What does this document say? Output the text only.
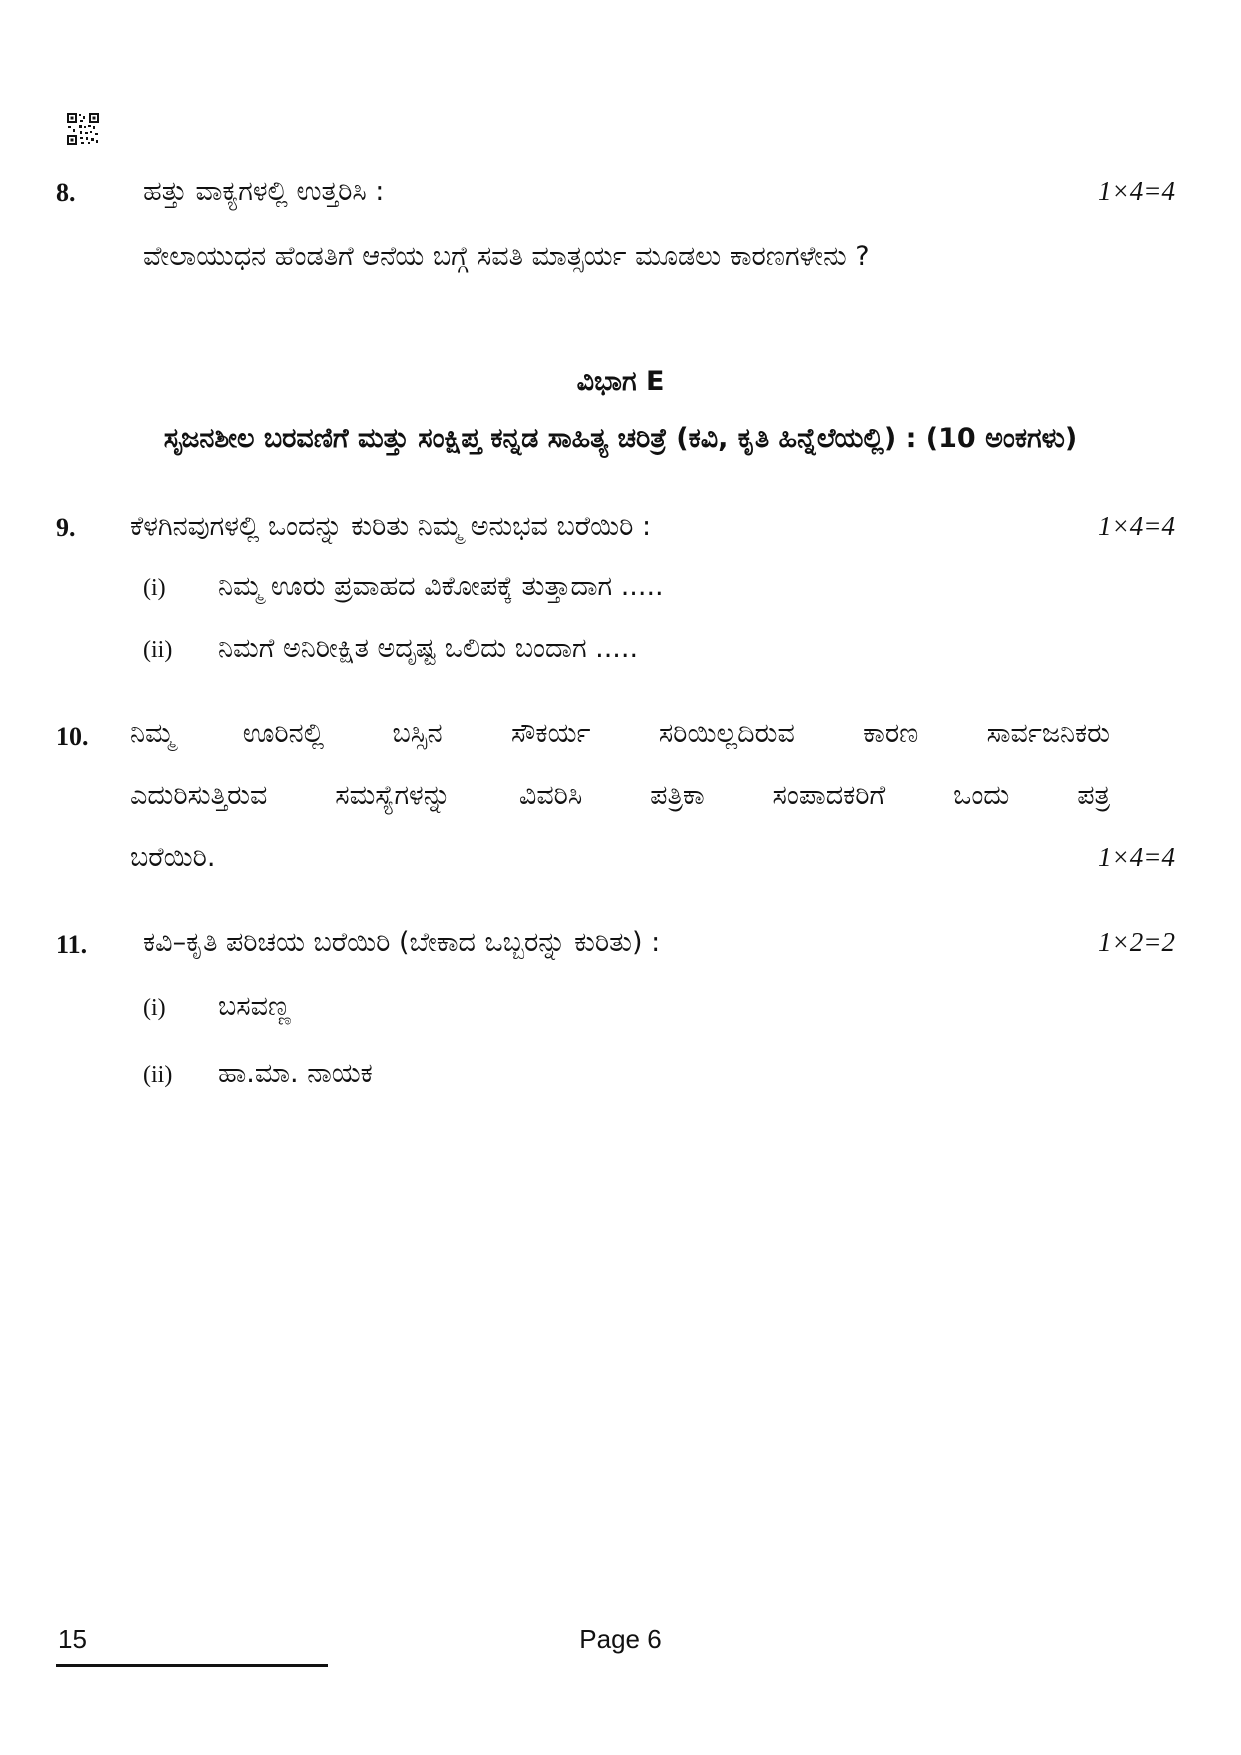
8.	ಹತ್ತು ವಾಕ್ಯಗಳಲ್ಲಿ ಉತ್ತರಿಸಿ :	1×4=4
ವೇಲಾಯುಧನ ಹೆಂಡತಿಗೆ ಆನೆಯ ಬಗ್ಗೆ ಸವತಿ ಮಾತ್ಸರ್ಯ ಮೂಡಲು ಕಾರಣಗಳೇನು ?
ವಿಭಾಗ E
ಸೃಜನಶೀಲ ಬರವಣಿಗೆ ಮತ್ತು ಸಂಕ್ಷಿಪ್ತ ಕನ್ನಡ ಸಾಹಿತ್ಯ ಚರಿತ್ರೆ (ಕವಿ, ಕೃತಿ ಹಿನ್ನೆಲೆಯಲ್ಲಿ) : (10 ಅಂಕಗಳು)
9. ಕೆಳಗಿನವುಗಳಲ್ಲಿ ಒಂದನ್ನು ಕುರಿತು ನಿಮ್ಮ ಅನುಭವ ಬರೆಯಿರಿ :	1×4=4
(i) ನಿಮ್ಮ ಊರು ಪ್ರವಾಹದ ವಿಕೋಪಕ್ಕೆ ತುತ್ತಾದಾಗ .....
(ii) ನಿಮಗೆ ಅನಿರೀಕ್ಷಿತ ಅದೃಷ್ಟ ಒಲಿದು ಬಂದಾಗ .....
10. ನಿಮ್ಮ ಊರಿನಲ್ಲಿ ಬಸ್ಸಿನ ಸೌಕರ್ಯ ಸರಿಯಿಲ್ಲದಿರುವ ಕಾರಣ ಸಾರ್ವಜನಿಕರು
ಎದುರಿಸುತ್ತಿರುವ ಸಮಸ್ಯೆಗಳನ್ನು ವಿವರಿಸಿ ಪತ್ರಿಕಾ ಸಂಪಾದಕರಿಗೆ ಒಂದು ಪತ್ರ
ಬರೆಯಿರಿ.	1×4=4
11. ಕವಿ–ಕೃತಿ ಪರಿಚಯ ಬರೆಯಿರಿ (ಬೇಕಾದ ಒಬ್ಬರನ್ನು ಕುರಿತು) :	1×2=2
(i) ಬಸವಣ್ಣ
(ii) ಹಾ.ಮಾ. ನಾಯಕ
15	Page 6
